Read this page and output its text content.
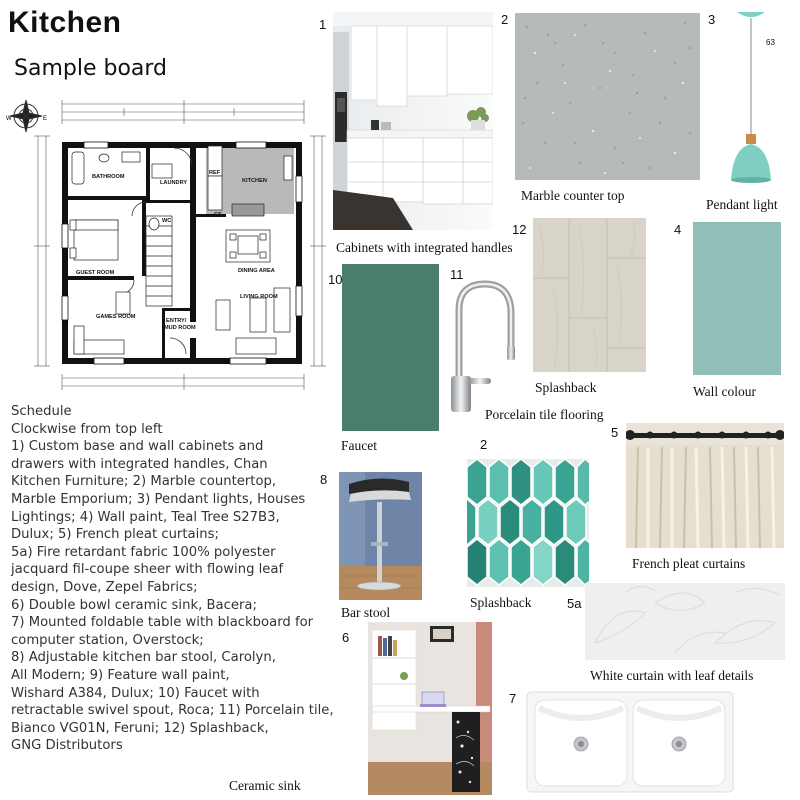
Kitchen
Sample board
W	E
BATHROOM
LAUNDRY	KITCHEN
REF
CS
WC
GUEST ROOM	DINING AREA
LIVING ROOM
GAMES ROOM
ENTRY/
MUD ROOM
Schedule
Clockwise from top left
1) Custom base and wall cabinets and
drawers with integrated handles, Chan
Kitchen Furniture; 2) Marble countertop,
Marble Emporium; 3) Pendant lights, Houses
Lightings; 4) Wall paint, Teal Tree S27B3,
Dulux; 5) French pleat curtains;
5a) Fire retardant fabric 100% polyester
jacquard fil-coupe sheer with flowing leaf
design, Dove, Zepel Fabrics;
6) Double bowl ceramic sink, Bacera;
7) Mounted foldable table with blackboard for
computer station, Overstock;
8) Adjustable kitchen bar stool, Carolyn,
All Modern; 9) Feature wall paint,
Wishard A384, Dulux; 10) Faucet with
retractable swivel spout, Roca; 11) Porcelain tile,
Bianco VG01N, Feruni; 12) Splashback,
GNG Distributors
1
Cabinets with integrated handles
2
Marble counter top
3
63
Pendant light
12
Splashback
4
Wall colour
10
Faucet
11
Porcelain tile flooring
5
French pleat curtains
2
Splashback
8
Bar stool
5a
White curtain with leaf details
6
Ceramic sink
7
